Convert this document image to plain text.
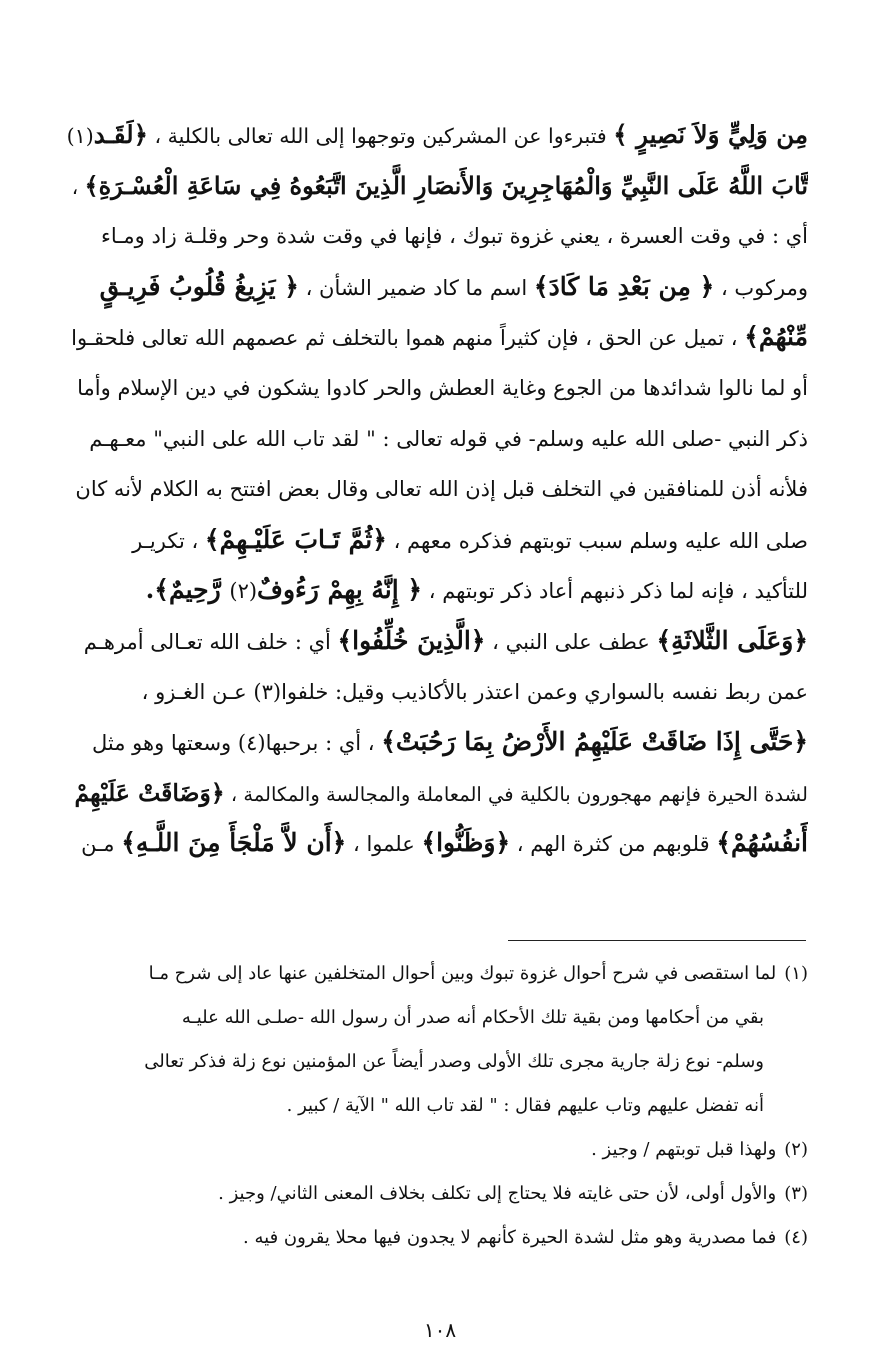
مِن وَلِيٍّ وَلاَ نَصِيرٍ ﴾ فتبرءوا عن المشركين وتوجهوا إلى الله تعالى بالكلية ، ﴿لَقَـد(١)
تَّابَ اللَّهُ عَلَى النَّبِيِّ وَالْمُهَاجِرِينَ وَالأَنصَارِ الَّذِينَ اتَّبَعُوهُ فِي سَاعَةِ الْعُسْـرَةِ﴾ ،
أي : في وقت العسرة ، يعني غزوة تبوك ، فإنها في وقت شدة وحر وقلـة زاد ومـاء
ومركوب ، ﴿ مِن بَعْدِ مَا كَادَ﴾ اسم ما كاد ضمير الشأن ، ﴿ يَزِيغُ قُلُوبُ فَرِيـقٍ
مِّنْهُمْ﴾ ، تميل عن الحق ، فإن كثيراً منهم هموا بالتخلف ثم عصمهم الله تعالى فلحقـوا
أو لما نالوا شدائدها من الجوع وغاية العطش والحر كادوا يشكون في دين الإسلام وأما
ذكر النبي -صلى الله عليه وسلم- في قوله تعالى : " لقد تاب الله على النبي" معـهـم
فلأنه أذن للمنافقين في التخلف قبل إذن الله تعالى وقال بعض افتتح به الكلام لأنه كان
صلى الله عليه وسلم سبب توبتهم فذكره معهم ، ﴿ثُمَّ تَـابَ عَلَيْـهِمْ﴾ ، تكريـر
للتأكيد ، فإنه لما ذكر ذنبهم أعاد ذكر توبتهم ، ﴿ إِنَّهُ بِهِمْ رَءُوفٌ(٢) رَّحِيمٌ﴾.
﴿وَعَلَى الثَّلاثَةِ﴾ عطف على النبي ، ﴿الَّذِينَ خُلِّفُوا﴾ أي : خلف الله تعـالى أمرهـم
عمن ربط نفسه بالسواري وعمن اعتذر بالأكاذيب وقيل: خلفوا(٣) عـن الغـزو ،
﴿حَتَّى إِذَا ضَاقَتْ عَلَيْهِمُ الأَرْضُ بِمَا رَحُبَتْ﴾ ، أي : برحبها(٤) وسعتها وهو مثل
لشدة الحيرة فإنهم مهجورون بالكلية في المعاملة والمجالسة والمكالمة ، ﴿وَضَاقَتْ عَلَيْهِمْ
أَنفُسُهُمْ﴾ قلوبهم من كثرة الهم ، ﴿وَظَنُّوا﴾ علموا ، ﴿أَن لاَّ مَلْجَأَ مِنَ اللَّـهِ﴾ مـن
(١)لما استقصى في شرح أحوال غزوة تبوك وبين أحوال المتخلفين عنها عاد إلى شرح مـا
بقي من أحكامها ومن بقية تلك الأحكام أنه صدر أن رسول الله -صلـى الله عليـه
وسلم- نوع زلة جارية مجرى تلك الأولى وصدر أيضاً عن المؤمنين نوع زلة فذكر تعالى
أنه تفضل عليهم وتاب عليهم فقال : " لقد تاب الله " الآية / كبير .
(٢)ولهذا قبل توبتهم / وجيز .
(٣)والأول أولى، لأن حتى غايته فلا يحتاج إلى تكلف بخلاف المعنى الثاني/ وجيز .
(٤)فما مصدرية وهو مثل لشدة الحيرة كأنهم لا يجدون فيها محلا يقرون فيه .
١٠٨
